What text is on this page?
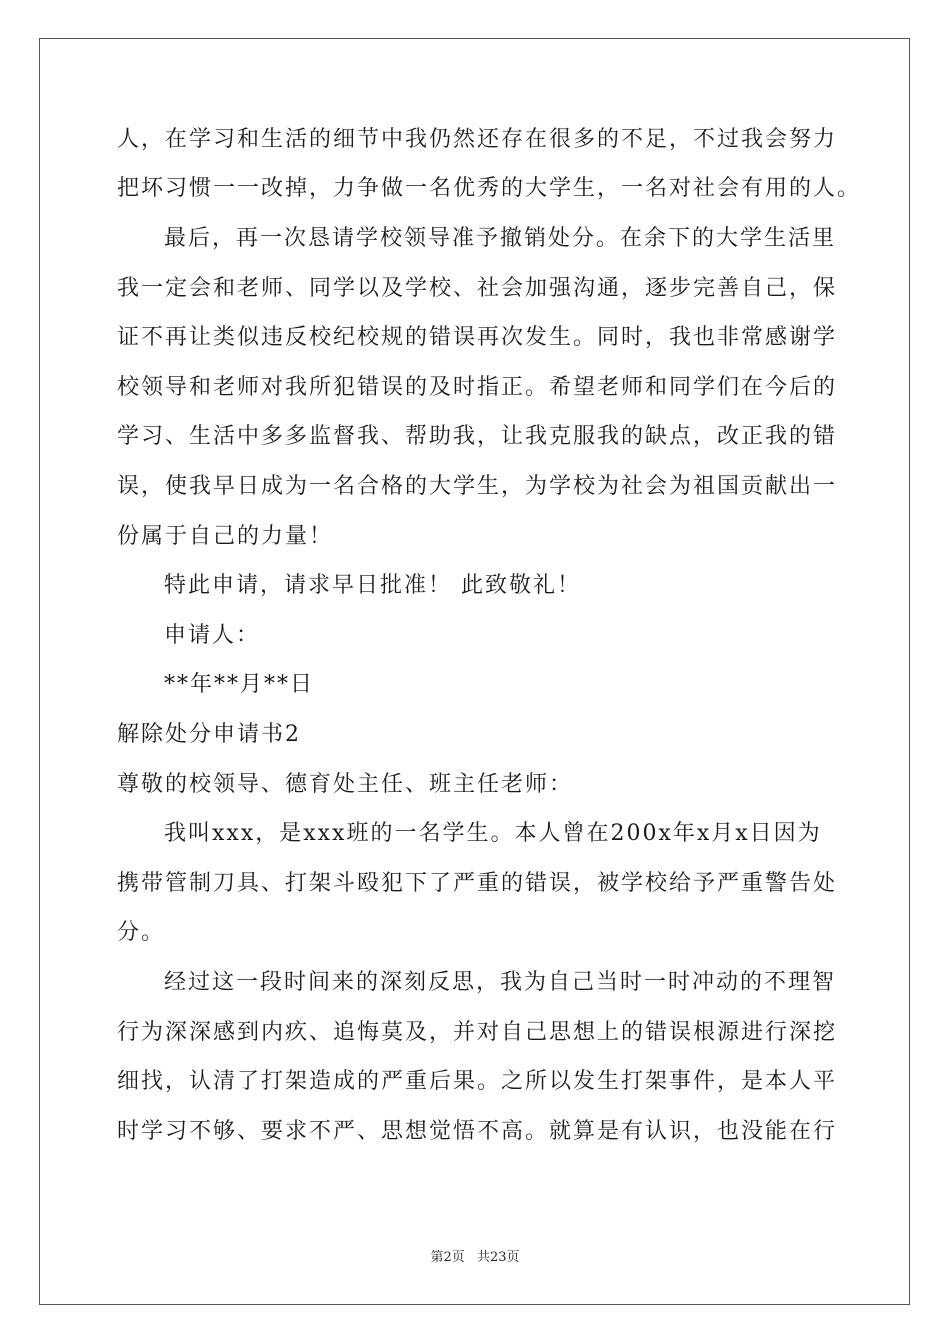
人，在学习和生活的细节中我仍然还存在很多的不足，不过我会努力
把坏习惯一一改掉，力争做一名优秀的大学生，一名对社会有用的人。
最后，再一次恳请学校领导准予撤销处分。在余下的大学生活里
我一定会和老师、同学以及学校、社会加强沟通，逐步完善自己，保
证不再让类似违反校纪校规的错误再次发生。同时，我也非常感谢学
校领导和老师对我所犯错误的及时指正。希望老师和同学们在今后的
学习、生活中多多监督我、帮助我，让我克服我的缺点，改正我的错
误，使我早日成为一名合格的大学生，为学校为社会为祖国贡献出一
份属于自己的力量！
特此申请，请求早日批准！ 此致敬礼！
申请人：
**年**月**日
解除处分申请书2
尊敬的校领导、德育处主任、班主任老师：
我叫xxx，是xxx班的一名学生。本人曾在200x年x月x日因为
携带管制刀具、打架斗殴犯下了严重的错误，被学校给予严重警告处
分。
经过这一段时间来的深刻反思，我为自己当时一时冲动的不理智
行为深深感到内疚、追悔莫及，并对自己思想上的错误根源进行深挖
细找，认清了打架造成的严重后果。之所以发生打架事件，是本人平
时学习不够、要求不严、思想觉悟不高。就算是有认识，也没能在行
第2页 共23页
